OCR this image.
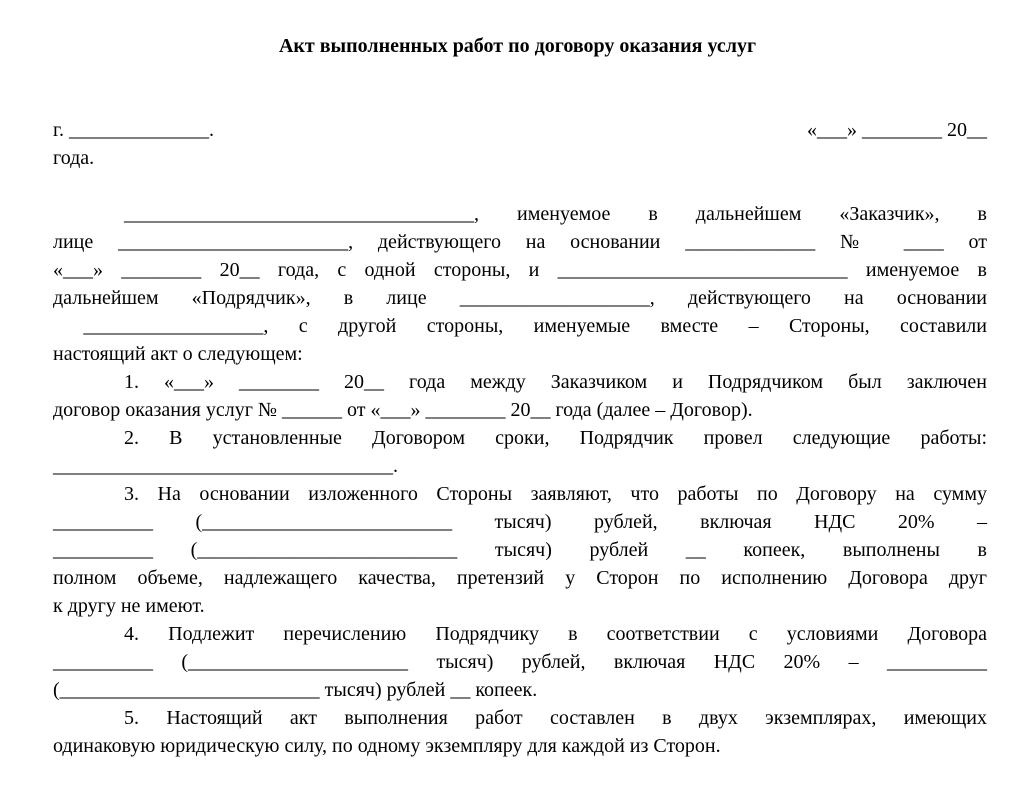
Акт выполненных работ по договору оказания услуг
г. ______________.	«___» ________ 20__
года.
___________________________________, именуемое в дальнейшем «Заказчик», в
лице _______________________, действующего на основании _____________ № ____ от
«___» ________ 20__ года, с одной стороны, и _____________________________ именуемое в
дальнейшем «Подрядчик», в лице ___________________, действующего на основании
__________________, с другой стороны, именуемые вместе – Стороны, составили
настоящий акт о следующем:
1. «___» ________ 20__ года между Заказчиком и Подрядчиком был заключен
договор оказания услуг № ______ от «___» ________ 20__ года (далее – Договор).
2. В установленные Договором сроки, Подрядчик провел следующие работы:
__________________________________.
3. На основании изложенного Стороны заявляют, что работы по Договору на сумму
__________ (_________________________ тысяч) рублей, включая НДС 20% –
__________ (__________________________ тысяч) рублей __ копеек, выполнены в
полном объеме, надлежащего качества, претензий у Сторон по исполнению Договора друг
к другу не имеют.
4. Подлежит перечислению Подрядчику в соответствии с условиями Договора
__________ (______________________ тысяч) рублей, включая НДС 20% – __________
(__________________________ тысяч) рублей __ копеек.
5. Настоящий акт выполнения работ составлен в двух экземплярах, имеющих
одинаковую юридическую силу, по одному экземпляру для каждой из Сторон.
